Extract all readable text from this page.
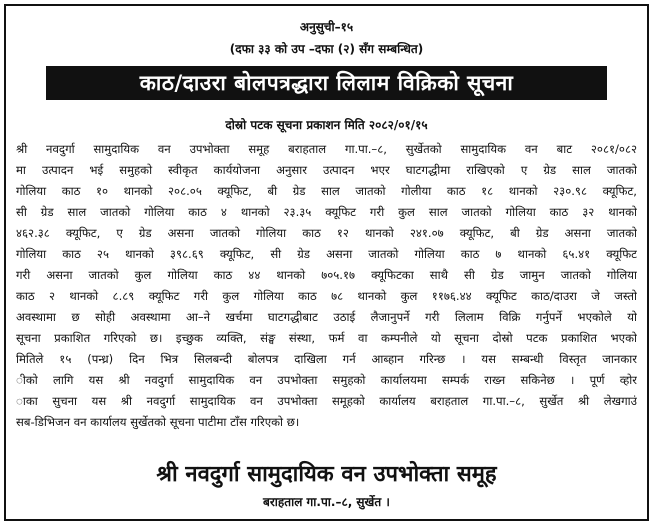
अनुसुची–१५
(दफा ३३ को उप –दफा (२) सँग सम्बन्धित)
काठ/दाउरा बोलपत्रद्धारा लिलाम विक्रिको सूचना
दोस्रो पटक सूचना प्रकाशन मिति २०८२/०१/१५
श्री नवदुर्गा सामुदायिक वन उपभोक्ता समूह बराहताल गा.पा.–८, सुर्खेतको सामुदायिक वन बाट २०८१/०८२
मा उत्पादन भई समुहको स्वीकृत कार्ययोजना अनुसार उत्पादन भएर घाटगद्धीमा राखिएको ए ग्रेड साल जातको
गोलिया काठ १० थानको २०८.०५ क्यूफिट, बी ग्रेड साल जातको गोलीया काठ १८ थानको २३०.९८ क्यूफिट,
सी ग्रेड साल जातको गोलिया काठ ४ थानको २३.३५ क्यूफिट गरी कुल साल जातको गोलिया काठ ३२ थानको
४६२.३८ क्यूफिट, ए ग्रेड असना जातको गोलिया काठ १२ थानको २४१.०७ क्यूफिट, बी ग्रेड असना जातको
गोलिया काठ २५ थानको ३९८.६९ क्यूफिट, सी ग्रेड असना जातको गोलिया काठ ७ थानको ६५.४१ क्यूफिट
गरी असना जातको कुल गोलिया काठ ४४ थानको ७०५.१७ क्यूफिटका साथै सी ग्रेड जामुन जातको गोलिया
काठ २ थानको ८.८९ क्यूफिट गरी कुल गोलिया काठ ७८ थानको कुल ११७६.४४ क्यूफिट काठ/दाउरा जे जस्तो
अवस्थामा छ सोही अवस्थामा आ–ने खर्चमा घाटगद्धीबाट उठाई लैजानुपर्ने गरी लिलाम विक्रि गर्नुपर्ने भएकोले यो
सूचना प्रकाशित गरिएको छ। इच्छुक व्यक्ति, संङ्घ संस्था, फर्म वा कम्पनीले यो सूचना दोस्रो पटक प्रकाशित भएको
मितिले १५ (पन्ध्र) दिन भित्र सिलबन्दी बोलपत्र दाखिला गर्न आब्हान गरिन्छ । यस सम्बन्धी विस्तृत जानकार
ीको लागि यस श्री नवदुर्गा सामुदायिक वन उपभोक्ता समुहको कार्यालयमा सम्पर्क राख्न सकिनेछ । पूर्ण व्होर
ाका सुचना यस श्री नवदुर्गा सामुदायिक वन उपभोक्ता समूहको कार्यालय बराहताल गा.पा.–८, सुर्खेत श्री लेखगाउं
सब-डिभिजन वन कार्यालय सुर्खेतको सूचना पाटीमा टाँस गरिएको छ।
श्री नवदुर्गा सामुदायिक वन उपभोक्ता समूह
बराहताल गा.पा.–८, सुर्खेत ।
